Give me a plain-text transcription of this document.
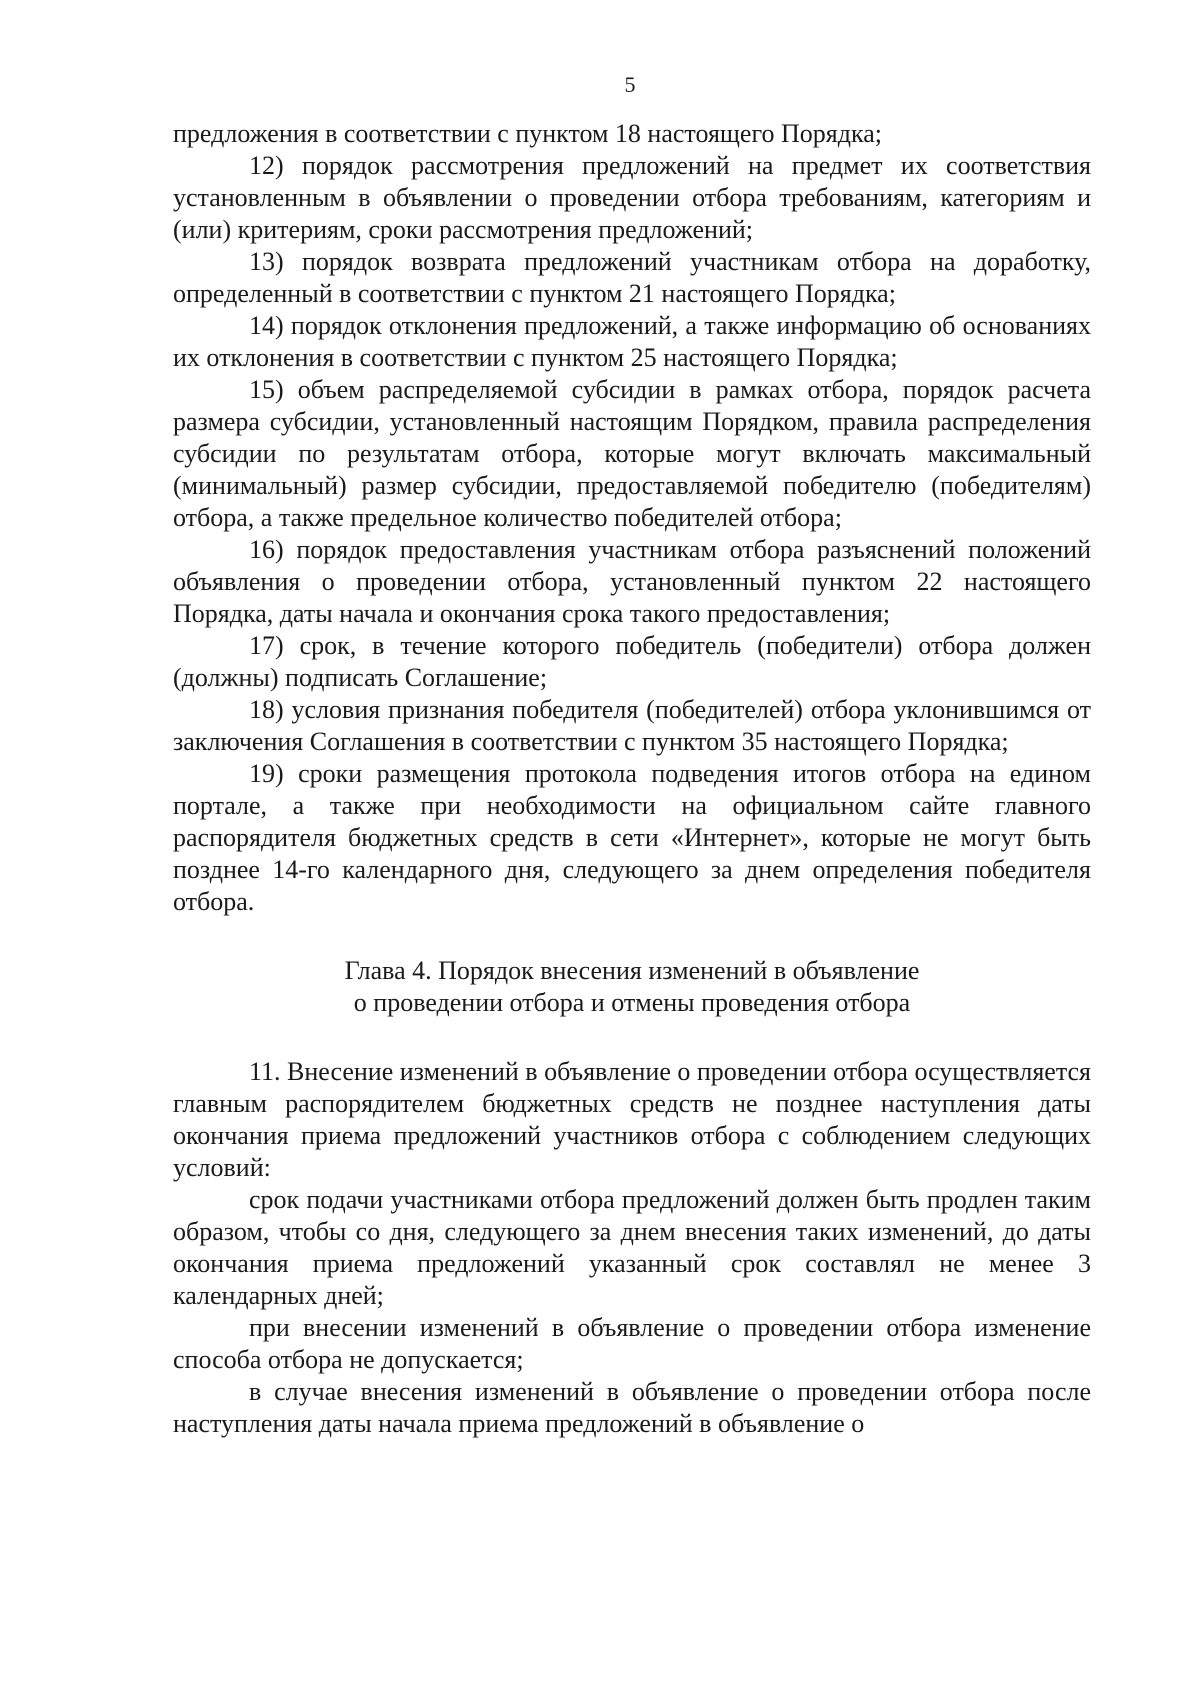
5

предложения в соответствии с пунктом 18 настоящего Порядка;

12) порядок рассмотрения предложений на предмет их соответствия установленным в объявлении о проведении отбора требованиям, категориям и (или) критериям, сроки рассмотрения предложений;

13) порядок возврата предложений участникам отбора на доработку, определенный в соответствии с пунктом 21 настоящего Порядка;

14) порядок отклонения предложений, а также информацию об основаниях их отклонения в соответствии с пунктом 25 настоящего Порядка;

15) объем распределяемой субсидии в рамках отбора, порядок расчета размера субсидии, установленный настоящим Порядком, правила распределения субсидии по результатам отбора, которые могут включать максимальный (минимальный) размер субсидии, предоставляемой победителю (победителям) отбора, а также предельное количество победителей отбора;

16) порядок предоставления участникам отбора разъяснений положений объявления о проведении отбора, установленный пунктом 22 настоящего Порядка, даты начала и окончания срока такого предоставления;

17) срок, в течение которого победитель (победители) отбора должен (должны) подписать Соглашение;

18) условия признания победителя (победителей) отбора уклонившимся от заключения Соглашения в соответствии с пунктом 35 настоящего Порядка;

19) сроки размещения протокола подведения итогов отбора на едином портале, а также при необходимости на официальном сайте главного распорядителя бюджетных средств в сети «Интернет», которые не могут быть позднее 14-го календарного дня, следующего за днем определения победителя отбора.

Глава 4. Порядок внесения изменений в объявление
о проведении отбора и отмены проведения отбора

11. Внесение изменений в объявление о проведении отбора осуществляется главным распорядителем бюджетных средств не позднее наступления даты окончания приема предложений участников отбора с соблюдением следующих условий:

срок подачи участниками отбора предложений должен быть продлен таким образом, чтобы со дня, следующего за днем внесения таких изменений, до даты окончания приема предложений указанный срок составлял не менее 3 календарных дней;

при внесении изменений в объявление о проведении отбора изменение способа отбора не допускается;

в случае внесения изменений в объявление о проведении отбора после наступления даты начала приема предложений в объявление о
